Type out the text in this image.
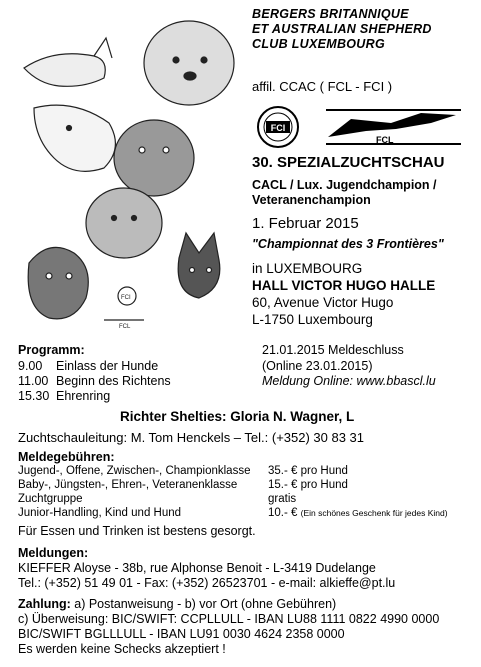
FCI
FCL
BERGERS BRITANNIQUE
ET AUSTRALIAN SHEPHERD
CLUB LUXEMBOURG
affil. CCAC ( FCL - FCI )
FCI
FCL
30. SPEZIALZUCHTSCHAU
CACL / Lux. Jugendchampion /
Veteranenchampion
1. Februar 2015
"Championnat des 3 Frontières"
in LUXEMBOURG
HALL VICTOR HUGO HALLE
60, Avenue Victor Hugo
L-1750 Luxembourg
Programm:
9.00 Einlass der Hunde
11.00 Beginn des Richtens
15.30 Ehrenring
21.01.2015 Meldeschluss
(Online 23.01.2015)
Meldung Online: www.bbascl.lu
Richter Shelties: Gloria N. Wagner, L
Zuchtschauleitung: M. Tom Henckels – Tel.: (+352) 30 83 31
Meldegebühren:
Jugend-, Offene, Zwischen-, Championklasse 35.- € pro Hund
Baby-, Jüngsten-, Ehren-, Veteranenklasse	15.- € pro Hund
Zuchtgruppe	gratis
Junior-Handling, Kind und Hund	10.- € (Ein schönes Geschenk für jedes Kind)
Für Essen und Trinken ist bestens gesorgt.
Meldungen:
KIEFFER Aloyse - 38b, rue Alphonse Benoit - L-3419 Dudelange
Tel.: (+352) 51 49 01 - Fax: (+352) 26523701 - e-mail: alkieffe@pt.lu
Zahlung: a) Postanweisung - b) vor Ort (ohne Gebühren)
c) Überweisung: BIC/SWIFT: CCPLLULL - IBAN LU88 1111 0822 4990 0000
BIC/SWIFT BGLLLULL - IBAN LU91 0030 4624 2358 0000
Es werden keine Schecks akzeptiert !
